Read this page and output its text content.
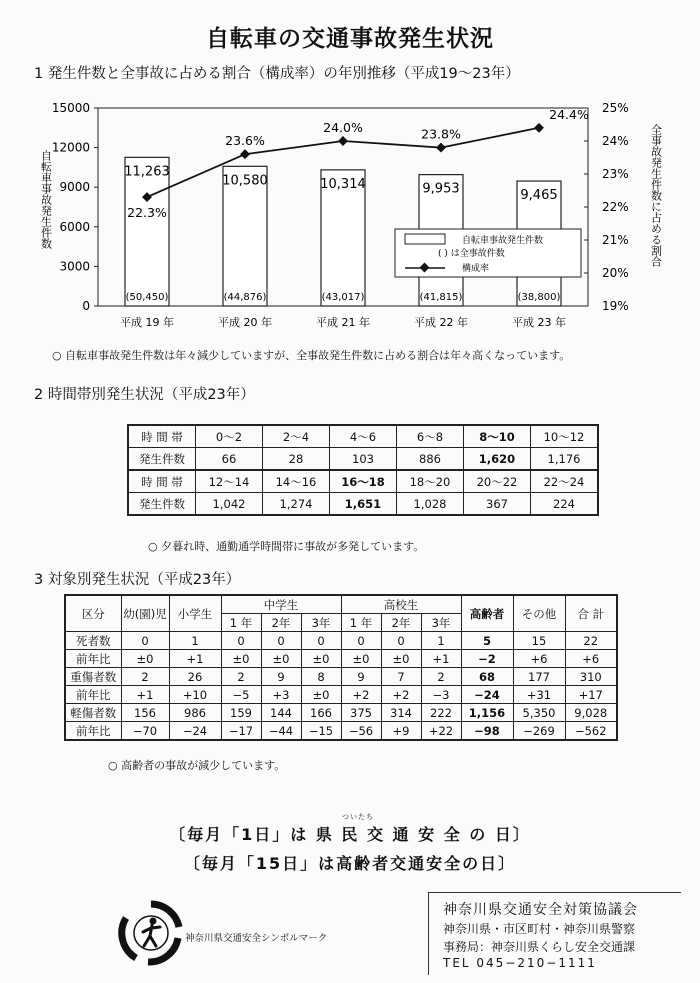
自転車の交通事故発生状況
1 発生件数と全事故に占める割合（構成率）の年別推移（平成19～23年）
0
3000
6000
9000
12000
15000
19%
20%
21%
22%
23%
24%
25%
11,263
(50,450)
10,580
(44,876)
10,314
(43,017)
9,953
(41,815)
9,465
(38,800)
22.3%
23.6%
24.0%	23.8%
24.4%
平成 19 年	平成 20 年	平成 21 年	平成 22 年	平成 23 年
自転車事故発生件数	全事故発生件数に占める割合
自転車事故発生件数
( ) は全事故件数
構成率
○ 自転車事故発生件数は年々減少していますが、全事故発生件数に占める割合は年々高くなっています。
2 時間帯別発生状況（平成23年）
時 間 帯	0～2	2～4	4～6	6～8	8～10	10～12
発生件数	66	28	103	886	1,620	1,176
時 間 帯	12～14	14～16	16～18	18～20	20～22	22～24
発生件数	1,042	1,274	1,651	1,028	367	224
○ 夕暮れ時、通勤通学時間帯に事故が多発しています。
3 対象別発生状況（平成23年）
区分	幼(園)児	小学生	中学生			高校生			高齢者	その他	合 計
			1 年	2年	3年	1 年	2年	3年			
死者数	0	1	0	0	0	0	0	1	5	15	22
前年比	±0	+1	±0	±0	±0	±0	±0	+1	−2	+6	+6
重傷者数	2	26	2	9	8	9	7	2	68	177	310
前年比	+1	+10	−5	+3	±0	+2	+2	−3	−24	+31	+17
軽傷者数	156	986	159	144	166	375	314	222	1,156	5,350	9,028
前年比	−70	−24	−17	−44	−15	−56	+9	+22	−98	−269	−562
○ 高齢者の事故が減少しています。
ついたち
〔毎月「1日」は 県 民 交 通 安 全 の 日〕
〔毎月「15日」は高齢者交通安全の日〕
神奈川県交通安全シンボルマーク
神奈川県交通安全対策協議会
神奈川県・市区町村・神奈川県警察
事務局：神奈川県くらし安全交通課
TEL 045−210−1111
